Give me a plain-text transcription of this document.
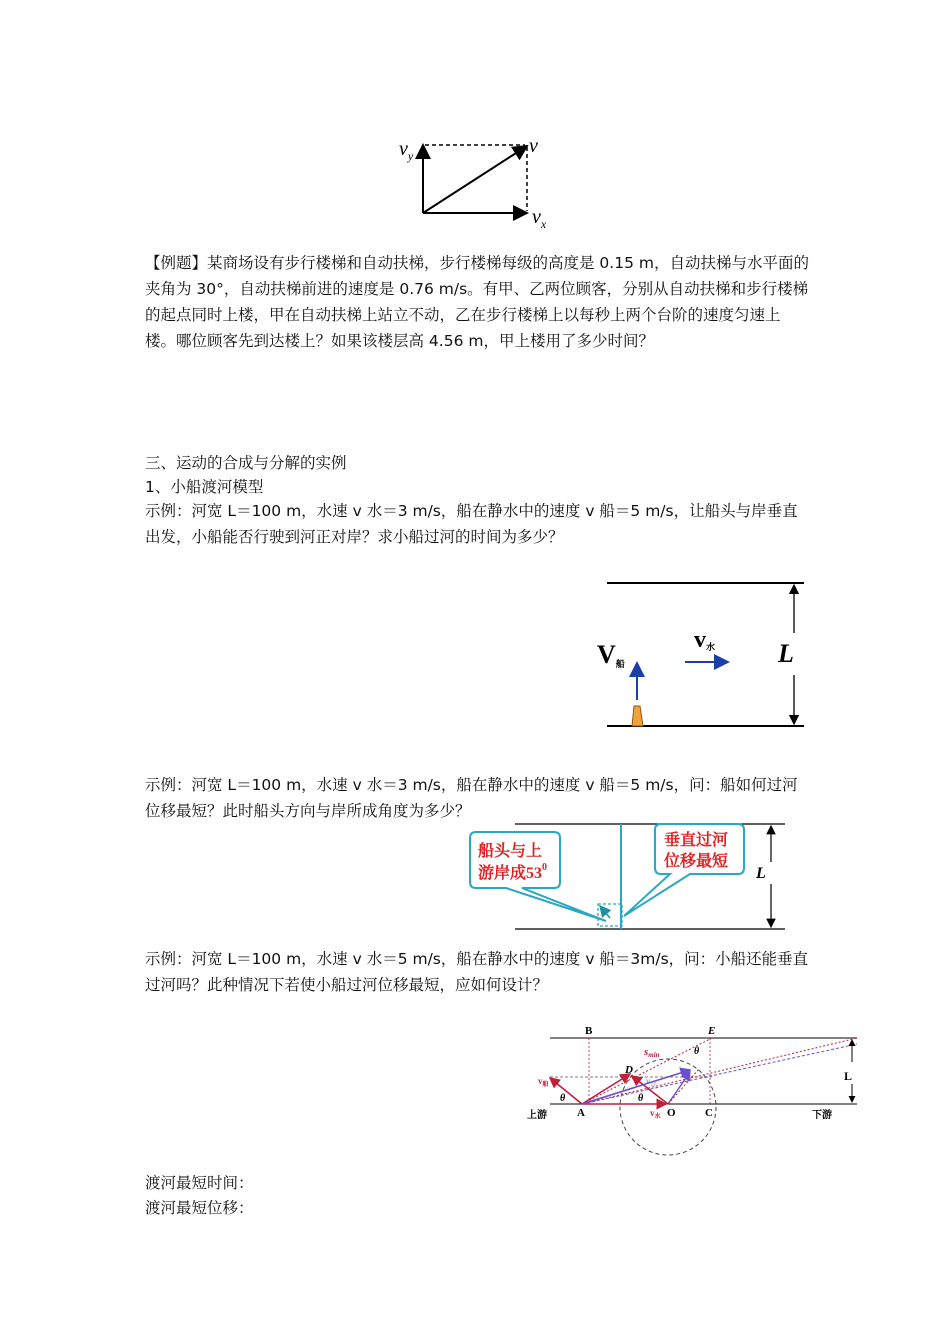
$v_y$	v
$v_x$
【例题】某商场设有步行楼梯和自动扶梯，步行楼梯每级的高度是 0.15 m，自动扶梯与水平面的夹角为 30°，自动扶梯前进的速度是 0.76 m/s。有甲、乙两位顾客，分别从自动扶梯和步行楼梯的起点同时上楼，甲在自动扶梯上站立不动，乙在步行楼梯上以每秒上两个台阶的速度匀速上楼。哪位顾客先到达楼上？如果该楼层高 4.56 m，甲上楼用了多少时间？
三、运动的合成与分解的实例
1、小船渡河模型
示例：河宽 L＝100 m，水速 v 水＝3 m/s，船在静水中的速度 v 船＝5 m/s，让船头与岸垂直出发，小船能否行驶到河正对岸？求小船过河的时间为多少？
L
V船
v水
示例：河宽 L＝100 m，水速 v 水＝3 m/s，船在静水中的速度 v 船＝5 m/s，问：船如何过河位移最短？此时船头方向与岸所成角度为多少？
L
船头与上
游岸成$53^0$
垂直过河
位移最短
示例：河宽 L＝100 m，水速 v 水＝5 m/s，船在静水中的速度 v 船＝3m/s，问：小船还能垂直过河吗？此种情况下若使小船过河位移最短，应如何设计？
L
B	E
θ
smin
D
$v_合$
$v_船$
θ	θ
A	$v_水$ O	C
上游	下游
渡河最短时间：
渡河最短位移：
